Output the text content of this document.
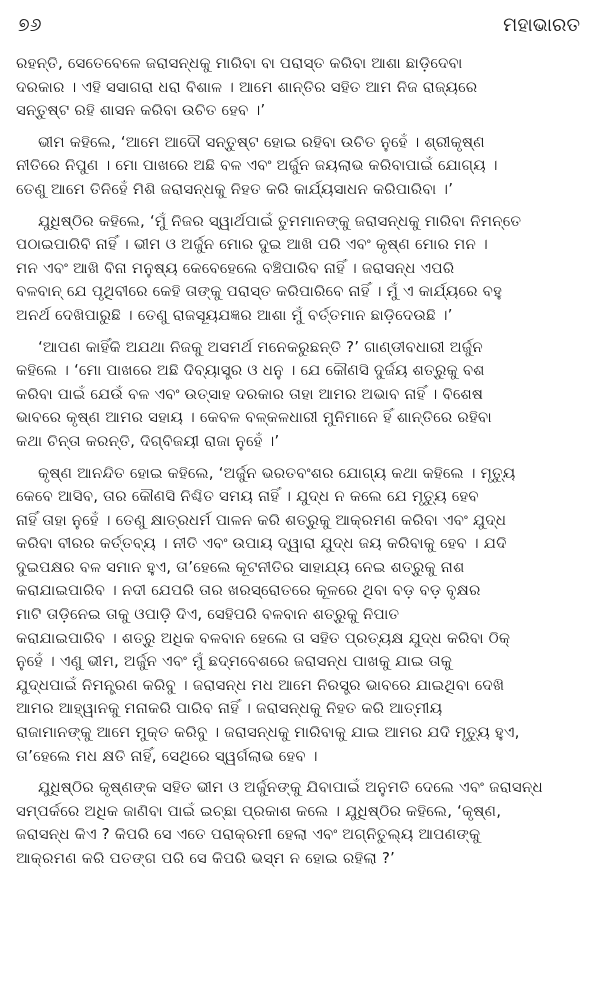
୭୬	ମହାଭାରତ
ରହନ୍ତି, ସେତେବେଳେ ଜରାସନ୍ଧକୁ ମାରିବା ବା ପରାସ୍ତ କରିବା ଆଶା ଛାଡ଼ିଦେବା
ଦରକାର । ଏହି ସସାଗରା ଧରା ବିଶାଳ । ଆମେ ଶାନ୍ତିର ସହିତ ଆମ ନିଜ ରାଜ୍ୟରେ
ସନ୍ତୁଷ୍ଟ ରହି ଶାସନ କରିବା ଉଚିତ ହେବ ।’
ଭୀମ କହିଲେ, ‘ଆମେ ଆଦୌ ସନ୍ତୁଷ୍ଟ ହୋଇ ରହିବା ଉଚିତ ନୁହେଁ । ଶ୍ରୀକୃଷ୍ଣ
ନୀତିରେ ନିପୁଣ । ମୋ ପାଖରେ ଅଛି ବଳ ଏବଂ ଅର୍ଜୁନ ଜୟଲାଭ କରିବାପାଇଁ ଯୋଗ୍ୟ ।
ତେଣୁ ଆମେ ତିନିହେଁ ମିଶି ଜରାସନ୍ଧକୁ ନିହତ କରି କାର୍ଯ୍ୟସାଧନ କରିପାରିବା ।’
ଯୁଧିଷ୍ଠିର କହିଲେ, ‘ମୁଁ ନିଜର ସ୍ୱାର୍ଥପାଇଁ ତୁମମାନଙ୍କୁ ଜରାସନ୍ଧକୁ ମାରିବା ନିମନ୍ତେ
ପଠାଇପାରିବି ନାହିଁ । ଭୀମ ଓ ଅର୍ଜୁନ ମୋର ଦୁଇ ଆଖି ପରି ଏବଂ କୃଷ୍ଣ ମୋର ମନ ।
ମନ ଏବଂ ଆଖି ବିନା ମନୁଷ୍ୟ କେବେହେଲେ ବଞ୍ଚିପାରିବ ନାହିଁ । ଜରାସନ୍ଧ ଏପରି
ବଳବାନ୍ ଯେ ପୃଥିବୀରେ କେହି ତାଙ୍କୁ ପରାସ୍ତ କରିପାରିବେ ନାହିଁ । ମୁଁ ଏ କାର୍ଯ୍ୟରେ ବହୁ
ଅନର୍ଥ ଦେଖିପାରୁଛି । ତେଣୁ ରାଜସୂୟଯଜ୍ଞର ଆଶା ମୁଁ ବର୍ତ୍ତମାନ ଛାଡ଼ିଦେଉଛି ।’
‘ଆପଣ କାହିଁକି ଅଯଥା ନିଜକୁ ଅସମର୍ଥ ମନେକରୁଛନ୍ତି ?’ ଗାଣ୍ଡୀବଧାରୀ ଅର୍ଜୁନ
କହିଲେ । ‘ମୋ ପାଖରେ ଅଛି ଦିବ୍ୟାସ୍ତ୍ର ଓ ଧନୁ । ଯେ କୌଣସି ଦୁର୍ଜୟ ଶତ୍ରୁକୁ ବଶ
କରିବା ପାଇଁ ଯେଉଁ ବଳ ଏବଂ ଉତ୍ସାହ ଦରକାର ତାହା ଆମର ଅଭାବ ନାହିଁ । ବିଶେଷ
ଭାବରେ କୃଷ୍ଣ ଆମର ସହାୟ । କେବଳ ବଳ୍କଳଧାରୀ ମୁନିମାନେ ହିଁ ଶାନ୍ତିରେ ରହିବା
କଥା ଚିନ୍ତା କରନ୍ତି, ଦିଗ୍‌ବିଜୟୀ ରାଜା ନୁହେଁ ।’
କୃଷ୍ଣ ଆନନ୍ଦିତ ହୋଇ କହିଲେ, ‘ଅର୍ଜୁନ ଭରତବଂଶର ଯୋଗ୍ୟ କଥା କହିଲେ । ମୃତ୍ୟୁ
କେବେ ଆସିବ, ତାର କୌଣସି ନିଶ୍ଚିତ ସମୟ ନାହିଁ । ଯୁଦ୍ଧ ନ କଲେ ଯେ ମୃତ୍ୟୁ ହେବ
ନାହିଁ ତାହା ନୁହେଁ । ତେଣୁ କ୍ଷାତ୍ରଧର୍ମ ପାଳନ କରି ଶତ୍ରୁକୁ ଆକ୍ରମଣ କରିବା ଏବଂ ଯୁଦ୍ଧ
କରିବା ବୀରର କର୍ତ୍ତବ୍ୟ । ନୀତି ଏବଂ ଉପାୟ ଦ୍ୱାରା ଯୁଦ୍ଧ ଜୟ କରିବାକୁ ହେବ । ଯଦି
ଦୁଇପକ୍ଷର ବଳ ସମାନ ହୁଏ, ତା’ହେଲେ କୂଟନୀତିର ସାହାଯ୍ୟ ନେଇ ଶତ୍ରୁକୁ ନାଶ
କରାଯାଇପାରିବ । ନଦୀ ଯେପରି ତାର ଖରସ୍ରୋତରେ କୂଳରେ ଥିବା ବଡ଼ ବଡ଼ ବୃକ୍ଷର
ମାଟି ତାଡ଼ିନେଇ ତାକୁ ଓପାଡ଼ି ଦିଏ, ସେହିପରି ବଳବାନ ଶତ୍ରୁକୁ ନିପାତ
କରାଯାଇପାରିବ । ଶତ୍ରୁ ଅଧିକ ବଳବାନ ହେଲେ ତା ସହିତ ପ୍ରତ୍ୟକ୍ଷ ଯୁଦ୍ଧ କରିବା ଠିକ୍
ନୁହେଁ । ଏଣୁ ଭୀମ, ଅର୍ଜୁନ ଏବଂ ମୁଁ ଛଦ୍ମବେଶରେ ଜରାସନ୍ଧ ପାଖକୁ ଯାଇ ତାକୁ
ଯୁଦ୍ଧପାଇଁ ନିମନ୍ତ୍ରଣ କରିବୁ । ଜରାସନ୍ଧ ମଧ ଆମେ ନିରସ୍ତ୍ର ଭାବରେ ଯାଇଥିବା ଦେଖି
ଆମର ଆହ୍ୱାନକୁ ମନାକରି ପାରିବ ନାହିଁ । ଜରାସନ୍ଧକୁ ନିହତ କରି ଆତ୍ମୀୟ
ରାଜାମାନଙ୍କୁ ଆମେ ମୁକ୍ତ କରିବୁ । ଜରାସନ୍ଧକୁ ମାରିବାକୁ ଯାଇ ଆମର ଯଦି ମୃତ୍ୟୁ ହୁଏ,
ତା’ହେଲେ ମଧ କ୍ଷତି ନାହିଁ, ସେଥିରେ ସ୍ୱର୍ଗଲାଭ ହେବ ।
ଯୁଧିଷ୍ଠିର କୃଷ୍ଣଙ୍କ ସହିତ ଭୀମ ଓ ଅର୍ଜୁନଙ୍କୁ ଯିବାପାଇଁ ଅନୁମତି ଦେଲେ ଏବଂ ଜରାସନ୍ଧ
ସମ୍ପର୍କରେ ଅଧିକ ଜାଣିବା ପାଇଁ ଇଚ୍ଛା ପ୍ରକାଶ କଲେ । ଯୁଧିଷ୍ଠିର କହିଲେ, ‘କୃଷ୍ଣ,
ଜରାସନ୍ଧ କିଏ ? କିପରି ସେ ଏତେ ପରାକ୍ରମୀ ହେଲା ଏବଂ ଅଗ୍ନିତୁଲ୍ୟ ଆପଣଙ୍କୁ
ଆକ୍ରମଣ କରି ପତଙ୍ଗ ପରି ସେ କିପରି ଭସ୍ମ ନ ହୋଇ ରହିଲା ?’
